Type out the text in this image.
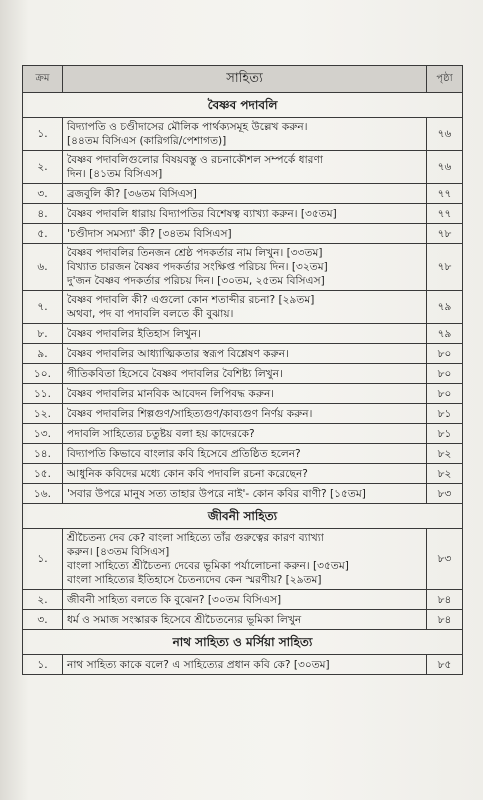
ক্রম	সাহিত্য	পৃষ্ঠা
বৈষ্ণব পদাবলি		
১.	বিদ্যাপতি ও চণ্ডীদাসের মৌলিক পার্থক্যসমূহ উল্লেখ করুন।
[৪৪তম বিসিএস (কারিগরি/পেশাগত)]	৭৬
২.	বৈষ্ণব পদাবলিগুলোর বিষয়বস্তু ও রচনাকৌশল সম্পর্কে ধারণা
দিন। [৪১তম বিসিএস]	৭৬
৩.	ব্রজবুলি কী? [৩৬তম বিসিএস]	৭৭
৪.	বৈষ্ণব পদাবলি ধারায় বিদ্যাপতির বিশেষত্ব ব্যাখ্যা করুন। [৩৫তম]	৭৭
৫.	'চণ্ডীদাস সমস্যা' কী? [৩৪তম বিসিএস]	৭৮
৬.	বৈষ্ণব পদাবলির তিনজন শ্রেষ্ঠ পদকর্তার নাম লিখুন। [৩৩তম]
বিখ্যাত চারজন বৈষ্ণব পদকর্তার সংক্ষিপ্ত পরিচয় দিন। [৩২তম]
দু'জন বৈষ্ণব পদকর্তার পরিচয় দিন। [৩০তম, ২৫তম বিসিএস]	৭৮
৭.	বৈষ্ণব পদাবলি কী? এগুলো কোন শতাব্দীর রচনা? [২৯তম]
অথবা, পদ বা পদাবলি বলতে কী বুঝায়।	৭৯
৮.	বৈষ্ণব পদাবলির ইতিহাস লিখুন।	৭৯
৯.	বৈষ্ণব পদাবলির আধ্যাত্মিকতার স্বরূপ বিশ্লেষণ করুন।	৮০
১০.	গীতিকবিতা হিসেবে বৈষ্ণব পদাবলির বৈশিষ্ট্য লিখুন।	৮০
১১.	বৈষ্ণব পদাবলির মানবিক আবেদন লিপিবদ্ধ করুন।	৮০
১২.	বৈষ্ণব পদাবলির শিল্পগুণ/সাহিত্যগুণ/কাব্যগুণ নির্ণয় করুন।	৮১
১৩.	পদাবলি সাহিত্যের চতুষ্টয় বলা হয় কাদেরকে?	৮১
১৪.	বিদ্যাপতি কিভাবে বাংলার কবি হিসেবে প্রতিষ্ঠিত হলেন?	৮২
১৫.	আধুনিক কবিদের মধ্যে কোন কবি পদাবলি রচনা করেছেন?	৮২
১৬.	'সবার উপরে মানুষ সত্য তাহার উপরে নাই'- কোন কবির বাণী? [১৫তম]	৮৩
জীবনী সাহিত্য		
১.	শ্রীচৈতন্য দেব কে? বাংলা সাহিত্যে তাঁর গুরুত্বের কারণ ব্যাখ্যা
করুন। [৪৩তম বিসিএস]
বাংলা সাহিত্যে শ্রীচৈতন্য দেবের ভূমিকা পর্যালোচনা করুন। [৩৫তম]
বাংলা সাহিত্যের ইতিহাসে চৈতন্যদেব কেন স্মরণীয়? [২৯তম]	৮৩
২.	জীবনী সাহিত্য বলতে কি বুঝেন? [৩০তম বিসিএস]	৮৪
৩.	ধর্ম ও সমাজ সংস্কারক হিসেবে শ্রীচৈতন্যের ভূমিকা লিখুন	৮৪
নাথ সাহিত্য ও মর্সিয়া সাহিত্য		
১.	নাথ সাহিত্য কাকে বলে? এ সাহিত্যের প্রধান কবি কে? [৩০তম]	৮৫
